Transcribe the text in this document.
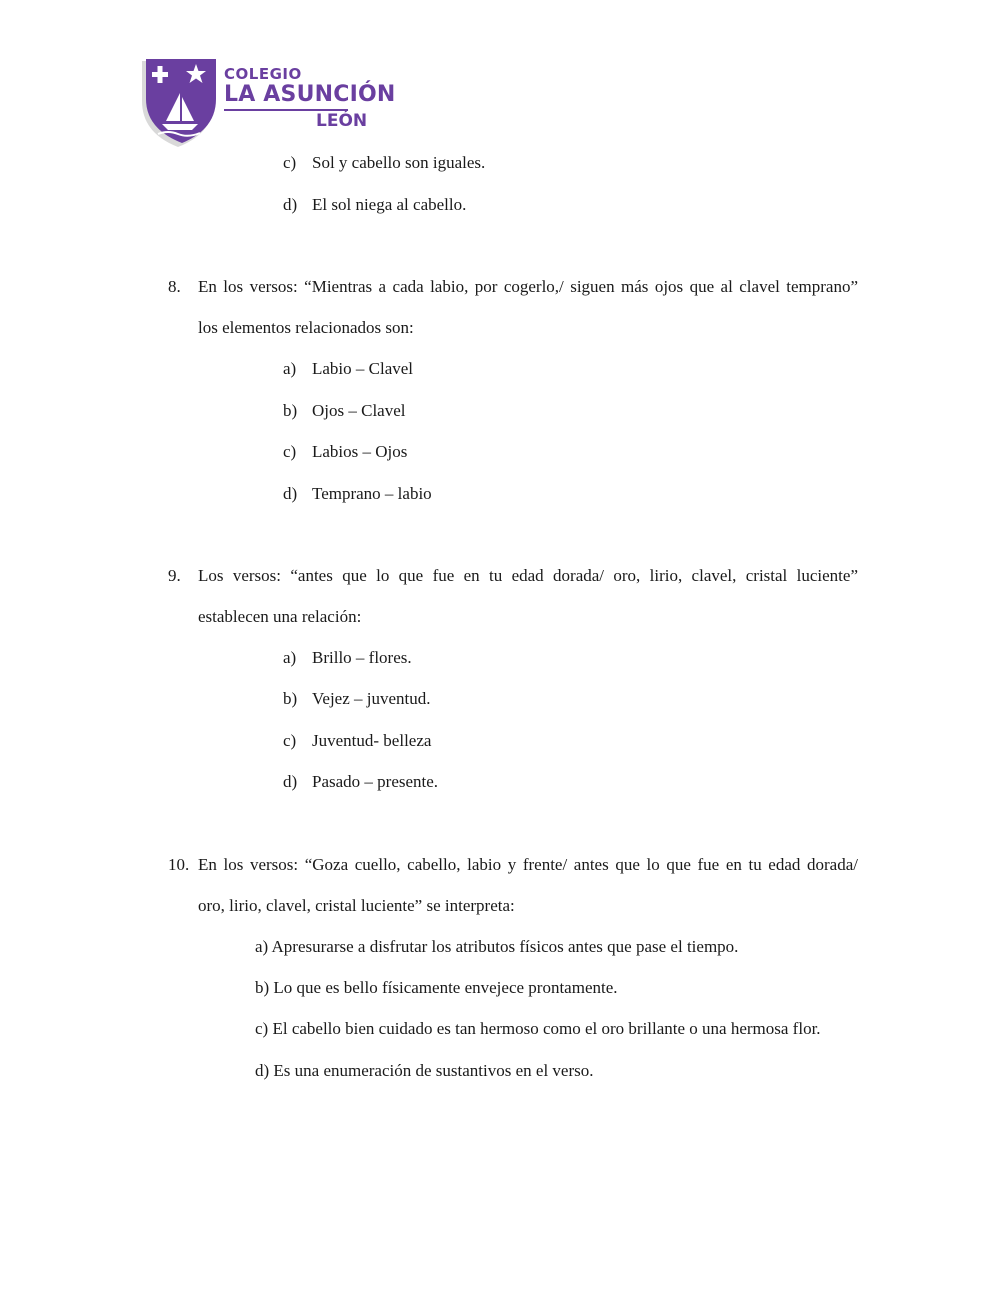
COLEGIO
LA ASUNCIÓN
LEÓN
c) Sol y cabello son iguales.
d) El sol niega al cabello.
8. En los versos: “Mientras a cada labio, por cogerlo,/ siguen más ojos que al clavel temprano”
los elementos relacionados son:
a) Labio – Clavel
b) Ojos – Clavel
c) Labios – Ojos
d) Temprano – labio
9. Los versos: “antes que lo que fue en tu edad dorada/ oro, lirio, clavel, cristal luciente”
establecen una relación:
a) Brillo – flores.
b) Vejez – juventud.
c) Juventud- belleza
d) Pasado – presente.
10. En los versos: “Goza cuello, cabello, labio y frente/ antes que lo que fue en tu edad dorada/
oro, lirio, clavel, cristal luciente” se interpreta:
a) Apresurarse a disfrutar los atributos físicos antes que pase el tiempo.
b) Lo que es bello físicamente envejece prontamente.
c) El cabello bien cuidado es tan hermoso como el oro brillante o una hermosa flor.
d) Es una enumeración de sustantivos en el verso.
